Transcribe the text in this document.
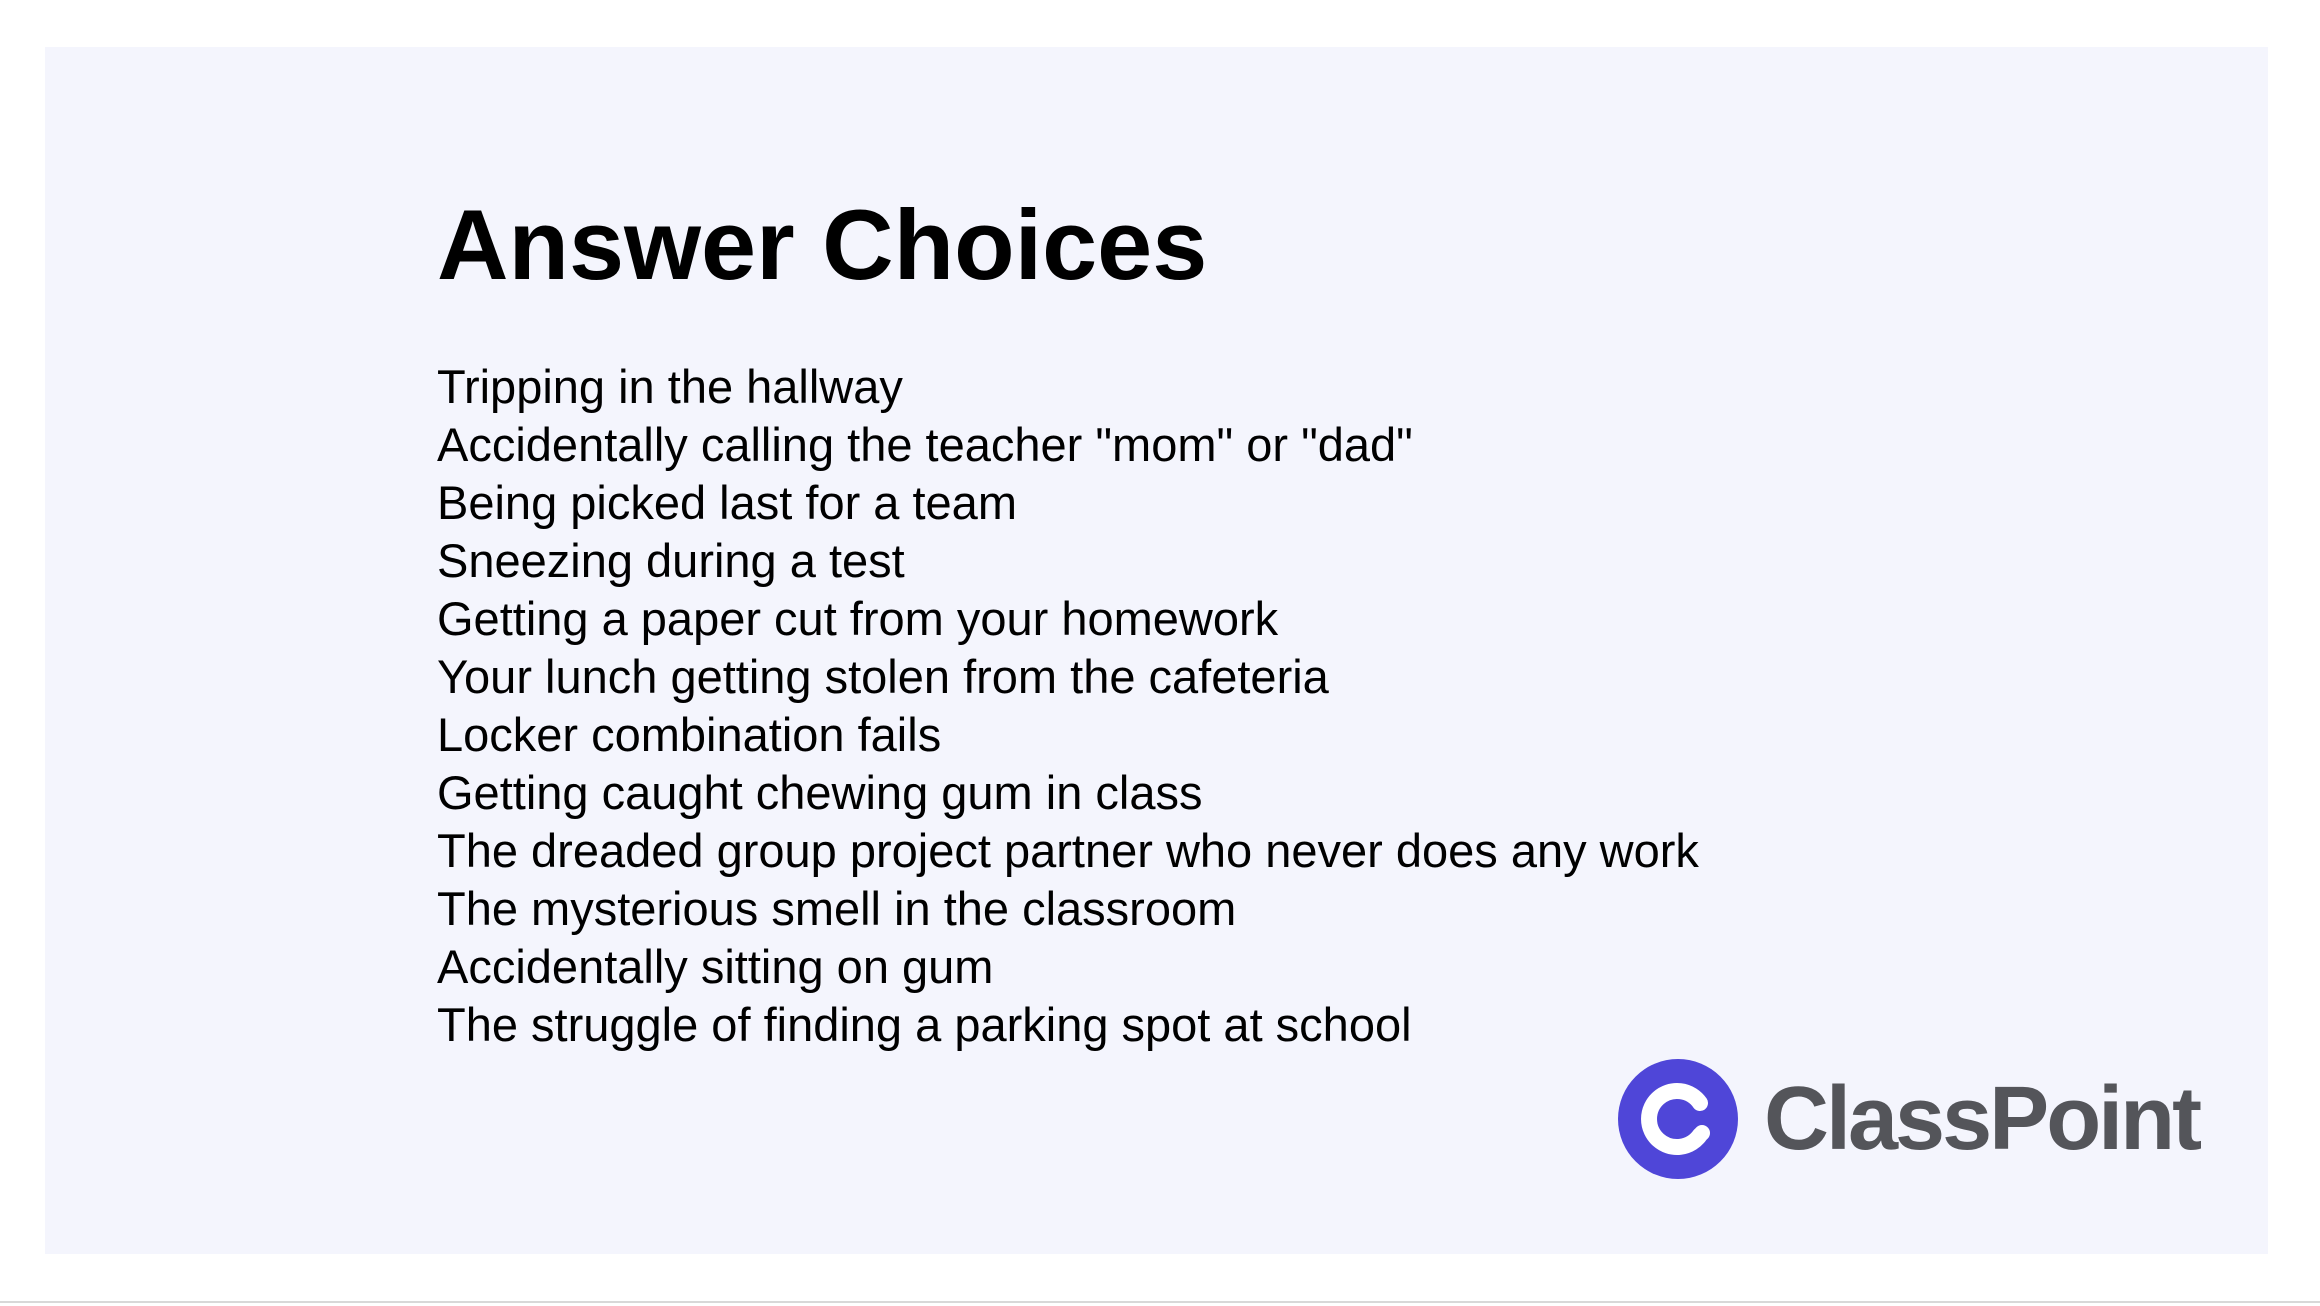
Answer Choices
Tripping in the hallway
Accidentally calling the teacher "mom" or "dad"
Being picked last for a team
Sneezing during a test
Getting a paper cut from your homework
Your lunch getting stolen from the cafeteria
Locker combination fails
Getting caught chewing gum in class
The dreaded group project partner who never does any work
The mysterious smell in the classroom
Accidentally sitting on gum
The struggle of finding a parking spot at school
ClassPoint
